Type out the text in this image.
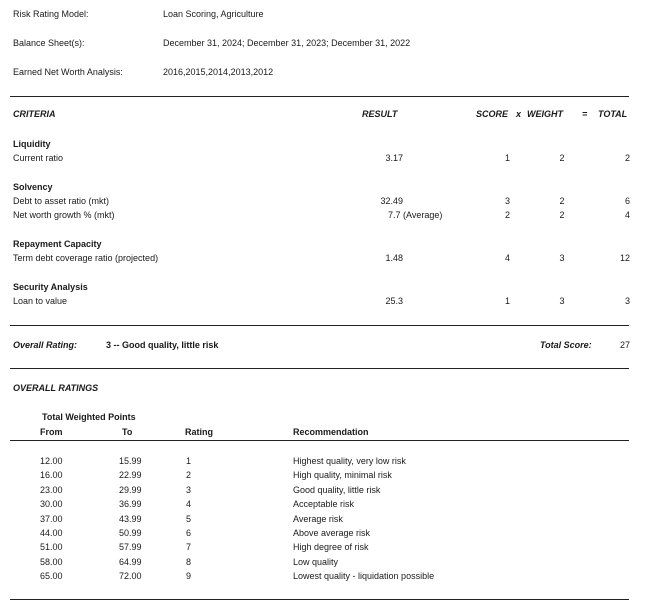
Risk Rating Model:	Loan Scoring, Agriculture
Balance Sheet(s):	December 31, 2024; December 31, 2023; December 31, 2022
Earned Net Worth Analysis:	2016,2015,2014,2013,2012
CRITERIA	RESULT	SCORE x WEIGHT = TOTAL
Liquidity
Current ratio	3.17	1	2	2
Solvency
Debt to asset ratio (mkt)	32.49	3	2	6
Net worth growth % (mkt)	7.7 (Average)	2	2	4
Repayment Capacity
Term debt coverage ratio (projected)	1.48	4	3	12
Security Analysis
Loan to value	25.3	1	3	3
Overall Rating:	3 -- Good quality, little risk	Total Score:	27
OVERALL RATINGS
Total Weighted Points
From	To	Rating	Recommendation
12.00	15.99	1	Highest quality, very low risk
16.00	22.99	2	High quality, minimal risk
23.00	29.99	3	Good quality, little risk
30.00	36.99	4	Acceptable risk
37.00	43.99	5	Average risk
44.00	50.99	6	Above average risk
51.00	57.99	7	High degree of risk
58.00	64.99	8	Low quality
65.00	72.00	9	Lowest quality - liquidation possible
